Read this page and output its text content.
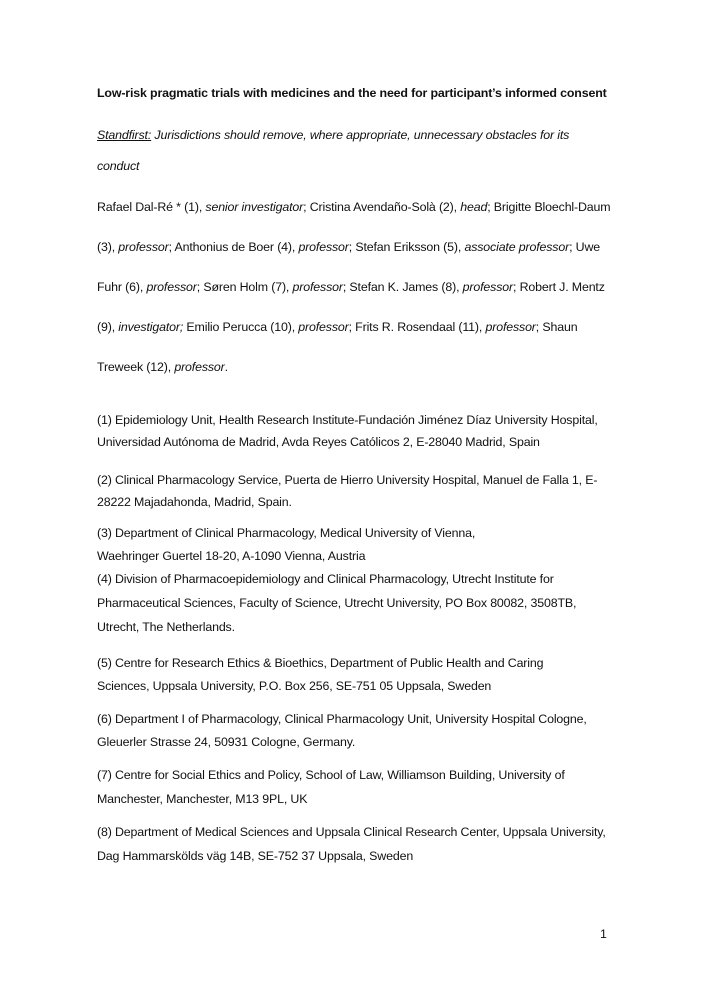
Low-risk pragmatic trials with medicines and the need for participant’s informed consent
Standfirst: Jurisdictions should remove, where appropriate, unnecessary obstacles for its
conduct
Rafael Dal-Ré * (1), senior investigator; Cristina Avendaño-Solà (2), head; Brigitte Bloechl-Daum
(3), professor; Anthonius de Boer (4), professor; Stefan Eriksson (5), associate professor; Uwe
Fuhr (6), professor; Søren Holm (7), professor; Stefan K. James (8), professor; Robert J. Mentz
(9), investigator; Emilio Perucca (10), professor; Frits R. Rosendaal (11), professor; Shaun
Treweek (12), professor.
(1) Epidemiology Unit, Health Research Institute-Fundación Jiménez Díaz University Hospital,
Universidad Autónoma de Madrid, Avda Reyes Católicos 2, E-28040 Madrid, Spain
(2) Clinical Pharmacology Service, Puerta de Hierro University Hospital, Manuel de Falla 1, E-
28222 Majadahonda, Madrid, Spain.
(3) Department of Clinical Pharmacology, Medical University of Vienna,
Waehringer Guertel 18-20, A-1090 Vienna, Austria
(4) Division of Pharmacoepidemiology and Clinical Pharmacology, Utrecht Institute for
Pharmaceutical Sciences, Faculty of Science, Utrecht University, PO Box 80082, 3508TB,
Utrecht, The Netherlands.
(5) Centre for Research Ethics & Bioethics, Department of Public Health and Caring
Sciences, Uppsala University, P.O. Box 256, SE-751 05 Uppsala, Sweden
(6) Department I of Pharmacology, Clinical Pharmacology Unit, University Hospital Cologne,
Gleuerler Strasse 24, 50931 Cologne, Germany.
(7) Centre for Social Ethics and Policy, School of Law, Williamson Building, University of
Manchester, Manchester, M13 9PL, UK
(8) Department of Medical Sciences and Uppsala Clinical Research Center, Uppsala University,
Dag Hammarskölds väg 14B, SE-752 37 Uppsala, Sweden
1
